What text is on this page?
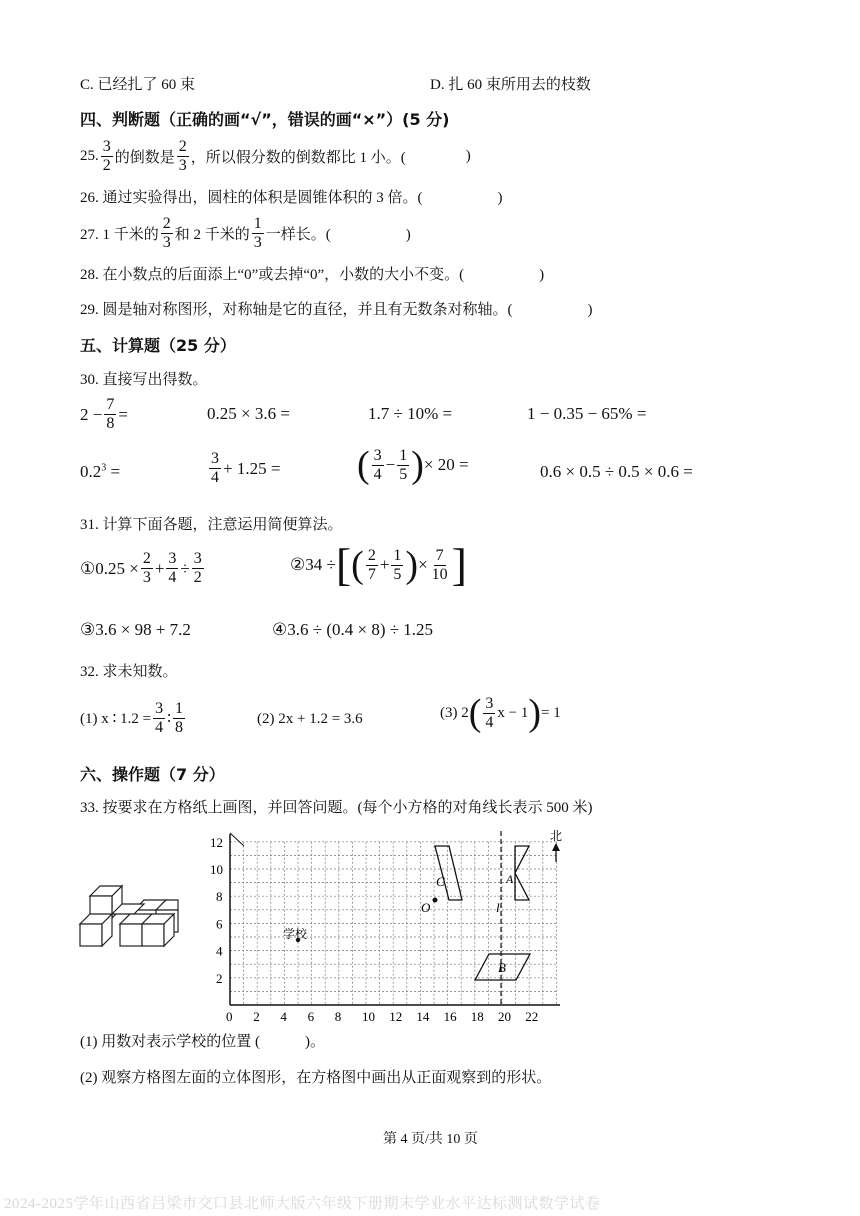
C. 已经扎了 60 束	D. 扎 60 束所用去的枝数
四、判断题（正确的画“√”，错误的画“×”）(5 分)
25. $\frac{3}{2}$ 的倒数是 $\frac{2}{3}$ ，所以假分数的倒数都比 1 小。(	)
26. 通过实验得出，圆柱的体积是圆锥体积的 3 倍。(　　　　　)
27. 1 千米的 $\frac{2}{3}$ 和 2 千米的 $\frac{1}{3}$ 一样长。(　　　　　)
28. 在小数点的后面添上“0”或去掉“0”，小数的大小不变。(　　　　　)
29. 圆是轴对称图形，对称轴是它的直径，并且有无数条对称轴。(　　　　　)
五、计算题（25 分）
30. 直接写出得数。
$2 - \frac{7}{8}$ =	0.25 × 3.6 =	1.7 ÷ 10% =	1 − 0.35 − 65% =
$0.2^3$ =	$\frac{3}{4} + 1.25$ = ( $\frac{3}{4} - \frac{1}{5}$ ) × 20 =	0.6 × 0.5 ÷ 0.5 × 0.6 =
31. 计算下面各题，注意运用简便算法。
①0.25 × $\frac{2}{3} + \frac{3}{4} \div \frac{3}{2}$	②34 ÷ [ ( $\frac{2}{7} + \frac{1}{5}$ ) × $\frac{7}{10}$ ]
③3.6 × 98 + 7.2	④3.6 ÷ (0.4 × 8) ÷ 1.25
32. 求未知数。
(1) x ∶ $1.2 = \frac{3}{4}$ ∶ $\frac{1}{8}$	(2) 2x + 1.2 = 3.6	(3) 2 ( $\frac{3}{4}$ x − 1 ) = 1
六、操作题（7 分）
33. 按要求在方格纸上画图，并回答问题。(每个小方格的对角线长表示 500 米)
0 2 4 6 8 10 12 14 16 18 20 22
12
10
8
6
4
2
C
O
A
l
B
学校
北
(1) 用数对表示学校的位置 (　　　)。
(2) 观察方格图左面的立体图形，在方格图中画出从正面观察到的形状。
第 4 页/共 10 页
2024-2025学年山西省吕梁市交口县北师大版六年级下册期末学业水平达标测试数学试卷
